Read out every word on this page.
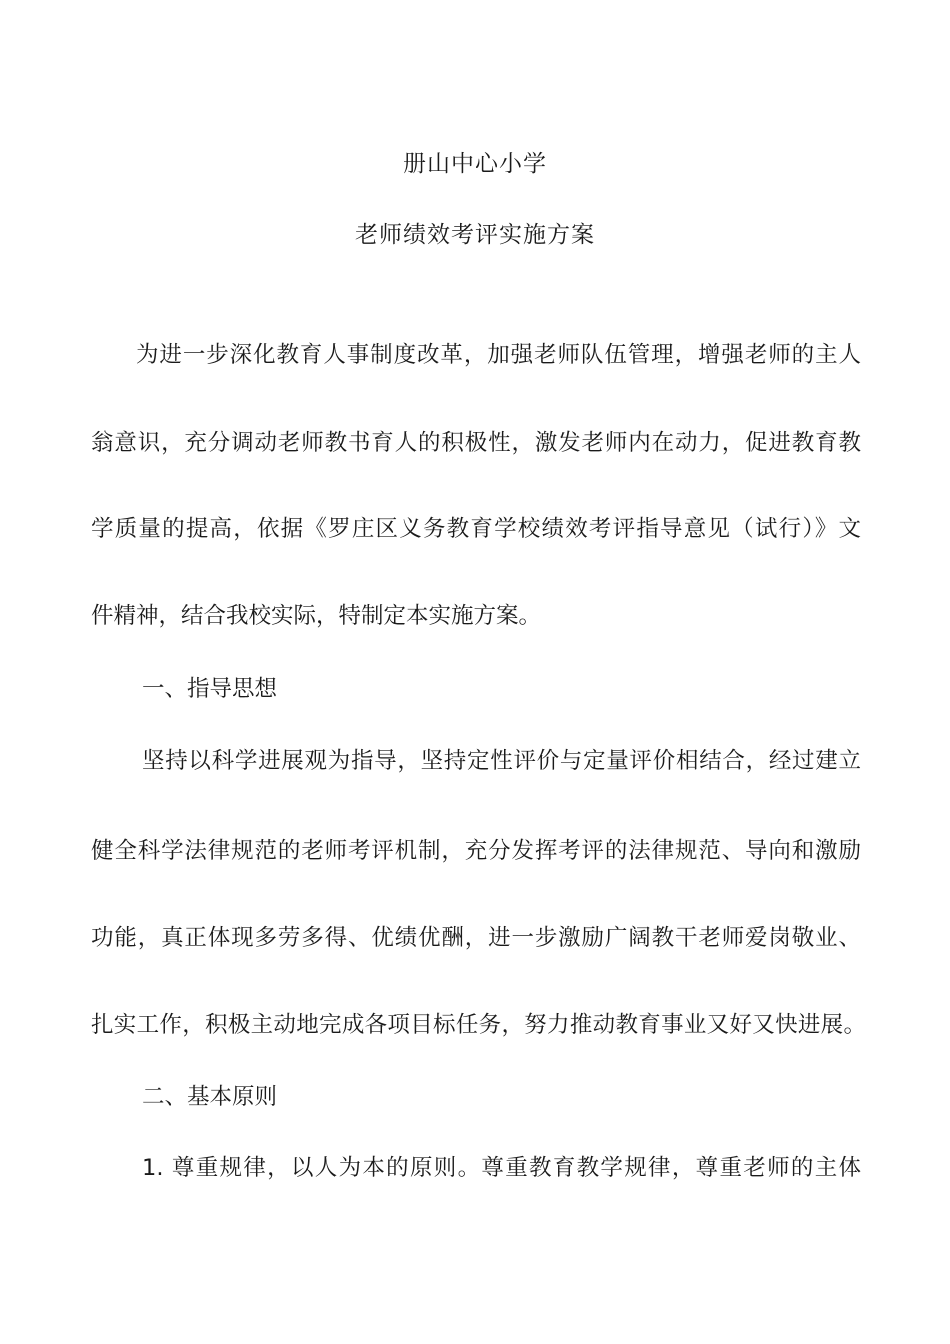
册山中心小学
老师绩效考评实施方案
为进一步深化教育人事制度改革，加强老师队伍管理，增强老师的主人
翁意识，充分调动老师教书育人的积极性，激发老师内在动力，促进教育教
学质量的提高，依据《罗庄区义务教育学校绩效考评指导意见（试行）》文
件精神，结合我校实际，特制定本实施方案。
一、指导思想
坚持以科学进展观为指导，坚持定性评价与定量评价相结合，经过建立
健全科学法律规范的老师考评机制，充分发挥考评的法律规范、导向和激励
功能，真正体现多劳多得、优绩优酬，进一步激励广阔教干老师爱岗敬业、
扎实工作，积极主动地完成各项目标任务，努力推动教育事业又好又快进展。
二、基本原则
1. 尊重规律，以人为本的原则。尊重教育教学规律，尊重老师的主体
